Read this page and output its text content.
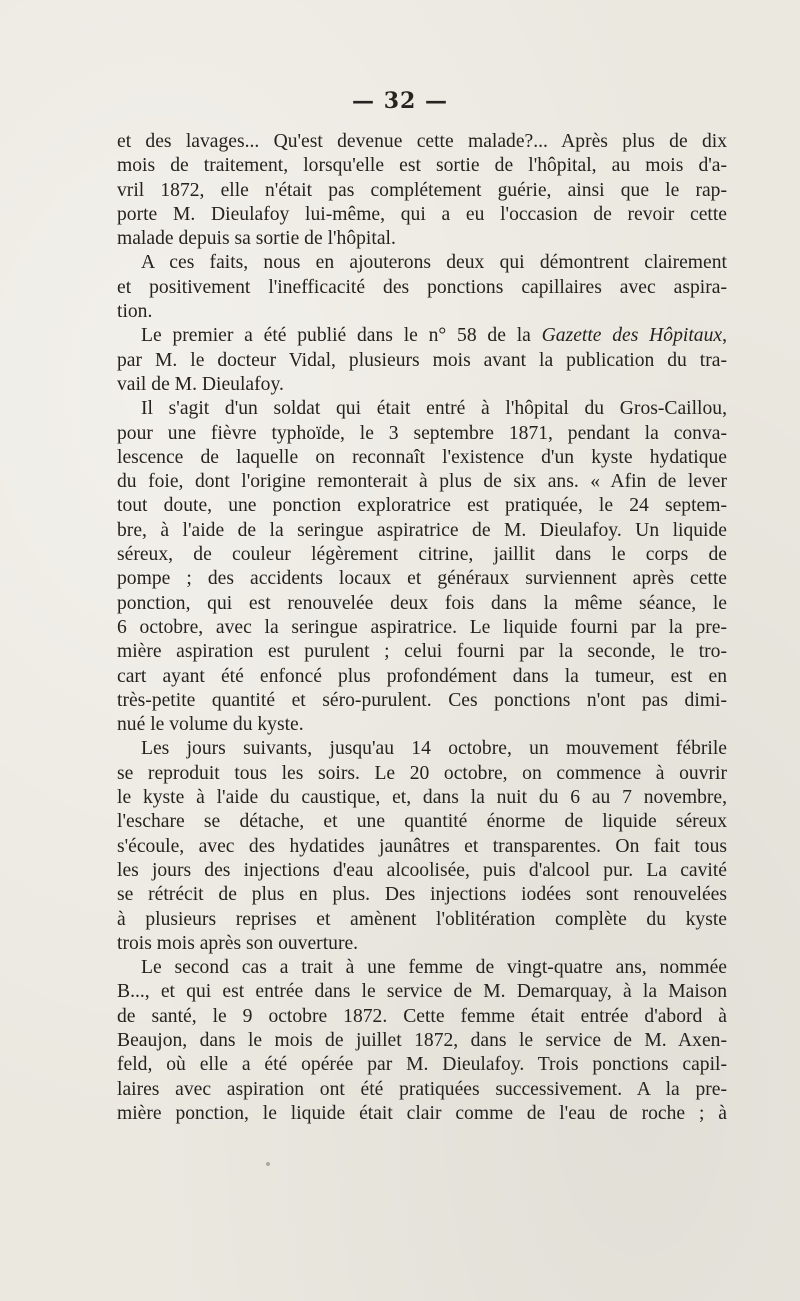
— 32 —
et des lavages... Qu'est devenue cette malade?... Après plus de dix
mois de traitement, lorsqu'elle est sortie de l'hôpital, au mois d'a-
vril 1872, elle n'était pas complétement guérie, ainsi que le rap-
porte M. Dieulafoy lui-même, qui a eu l'occasion de revoir cette
malade depuis sa sortie de l'hôpital.
A ces faits, nous en ajouterons deux qui démontrent clairement
et positivement l'inefficacité des ponctions capillaires avec aspira-
tion.
Le premier a été publié dans le n° 58 de la Gazette des Hôpitaux,
par M. le docteur Vidal, plusieurs mois avant la publication du tra-
vail de M. Dieulafoy.
Il s'agit d'un soldat qui était entré à l'hôpital du Gros-Caillou,
pour une fièvre typhoïde, le 3 septembre 1871, pendant la conva-
lescence de laquelle on reconnaît l'existence d'un kyste hydatique
du foie, dont l'origine remonterait à plus de six ans. « Afin de lever
tout doute, une ponction exploratrice est pratiquée, le 24 septem-
bre, à l'aide de la seringue aspiratrice de M. Dieulafoy. Un liquide
séreux, de couleur légèrement citrine, jaillit dans le corps de
pompe ; des accidents locaux et généraux surviennent après cette
ponction, qui est renouvelée deux fois dans la même séance, le
6 octobre, avec la seringue aspiratrice. Le liquide fourni par la pre-
mière aspiration est purulent ; celui fourni par la seconde, le tro-
cart ayant été enfoncé plus profondément dans la tumeur, est en
très-petite quantité et séro-purulent. Ces ponctions n'ont pas dimi-
nué le volume du kyste.
Les jours suivants, jusqu'au 14 octobre, un mouvement fébrile
se reproduit tous les soirs. Le 20 octobre, on commence à ouvrir
le kyste à l'aide du caustique, et, dans la nuit du 6 au 7 novembre,
l'eschare se détache, et une quantité énorme de liquide séreux
s'écoule, avec des hydatides jaunâtres et transparentes. On fait tous
les jours des injections d'eau alcoolisée, puis d'alcool pur. La cavité
se rétrécit de plus en plus. Des injections iodées sont renouvelées
à plusieurs reprises et amènent l'oblitération complète du kyste
trois mois après son ouverture.
Le second cas a trait à une femme de vingt-quatre ans, nommée
B..., et qui est entrée dans le service de M. Demarquay, à la Maison
de santé, le 9 octobre 1872. Cette femme était entrée d'abord à
Beaujon, dans le mois de juillet 1872, dans le service de M. Axen-
feld, où elle a été opérée par M. Dieulafoy. Trois ponctions capil-
laires avec aspiration ont été pratiquées successivement. A la pre-
mière ponction, le liquide était clair comme de l'eau de roche ; à
